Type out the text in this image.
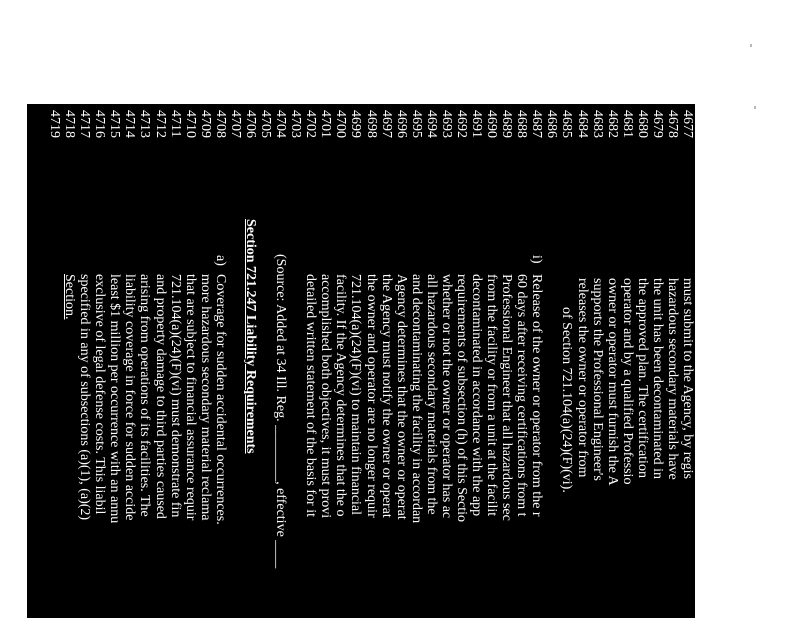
4677
must submit to the Agency, by regis
4678
hazardous secondary materials have
4679
the unit has been decontaminated in
4680
the approved plan. The certification
4681
operator and by a qualified Professio
4682
owner or operator must furnish the A
4683
supports the Professional Engineer's
4684
releases the owner or operator from
4685
of Section 721.104(a)(24)(F)(vi).
4686
4687
i)
Release of the owner or operator from the r
4688
60 days after receiving certifications from t
4689
Professional Engineer that all hazardous sec
4690
from the facility or from a unit at the facilit
4691
decontaminated in accordance with the app
4692
requirements of subsection (h) of this Sectio
4693
whether or not the owner or operator has ac
4694
all hazardous secondary materials from the
4695
and decontaminating the facility in accordan
4696
Agency determines that the owner or operat
4697
the Agency must notify the owner or operat
4698
the owner and operator are no longer requir
4699
721.104(a)(24)(F)(vi) to maintain financial
4700
facility. If the Agency determines that the o
4701
accomplished both objectives, it must provi
4702
detailed written statement of the basis for it
4703
4704
(Source: Added at 34 Ill. Reg. ________, effective ____
4705
4706
Section 721.247 Liability Requirements
4707
4708
a)
Coverage for sudden accidental occurrences.
4709
more hazardous secondary material reclama
4710
that are subject to financial assurance requir
4711
721.104(a)(24)(F)(vi) must demonstrate fin
4712
and property damage to third parties caused
4713
arising from operations of its facilities. The
4714
liability coverage in force for sudden accide
4715
least $1 million per occurrence with an annu
4716
exclusive of legal defense costs. This liabil
4717
specified in any of subsections (a)(1), (a)(2)
4718
Section.
4719
